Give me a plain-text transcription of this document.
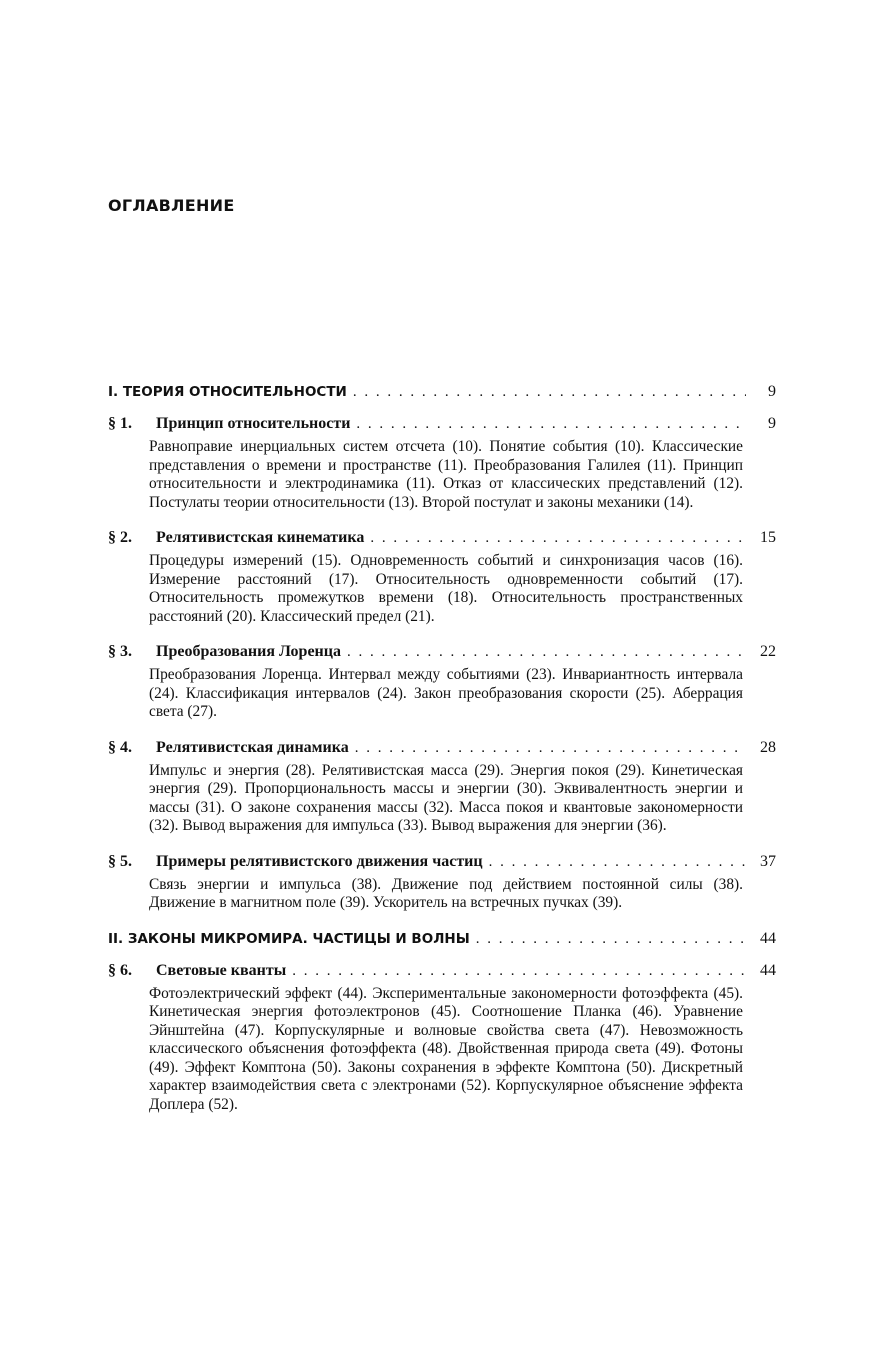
ОГЛАВЛЕНИЕ
I. ТЕОРИЯ ОТНОСИТЕЛЬНОСТИ . . .	9
§ 1.	Принцип относительности . . .	9

Равноправие инерциальных систем отсчета (10). Понятие события (10). Классические представления о времени и пространстве (11). Преобразования Галилея (11). Принцип относительности и электродинамика (11). Отказ от классических представлений (12). Постулаты теории относительности (13). Второй постулат и законы механики (14).

§ 2.	Релятивистская кинематика . . .	15

Процедуры измерений (15). Одновременность событий и синхронизация часов (16). Измерение расстояний (17). Относительность одновременности событий (17). Относительность промежутков времени (18). Относительность пространственных расстояний (20). Классический предел (21).

§ 3.	Преобразования Лоренца . . .	22

Преобразования Лоренца. Интервал между событиями (23). Инвариантность интервала (24). Классификация интервалов (24). Закон преобразования скорости (25). Аберрация света (27).

§ 4.	Релятивистская динамика . . .	28

Импульс и энергия (28). Релятивистская масса (29). Энергия покоя (29). Кинетическая энергия (29). Пропорциональность массы и энергии (30). Эквивалентность энергии и массы (31). О законе сохранения массы (32). Масса покоя и квантовые закономерности (32). Вывод выражения для импульса (33). Вывод выражения для энергии (36).

§ 5.	Примеры релятивистского движения частиц . . .	37

Связь энергии и импульса (38). Движение под действием постоянной силы (38). Движение в магнитном поле (39). Ускоритель на встречных пучках (39).

II. ЗАКОНЫ МИКРОМИРА. ЧАСТИЦЫ И ВОЛНЫ . . .	44
§ 6.	Световые кванты . . .	44

Фотоэлектрический эффект (44). Экспериментальные закономерности фотоэффекта (45). Кинетическая энергия фотоэлектронов (45). Соотношение Планка (46). Уравнение Эйнштейна (47). Корпускулярные и волновые свойства света (47). Невозможность классического объяснения фотоэффекта (48). Двойственная природа света (49). Фотоны (49). Эффект Комптона (50). Законы сохранения в эффекте Комптона (50). Дискретный характер взаимодействия света с электронами (52). Корпускулярное объяснение эффекта Доплера (52).
